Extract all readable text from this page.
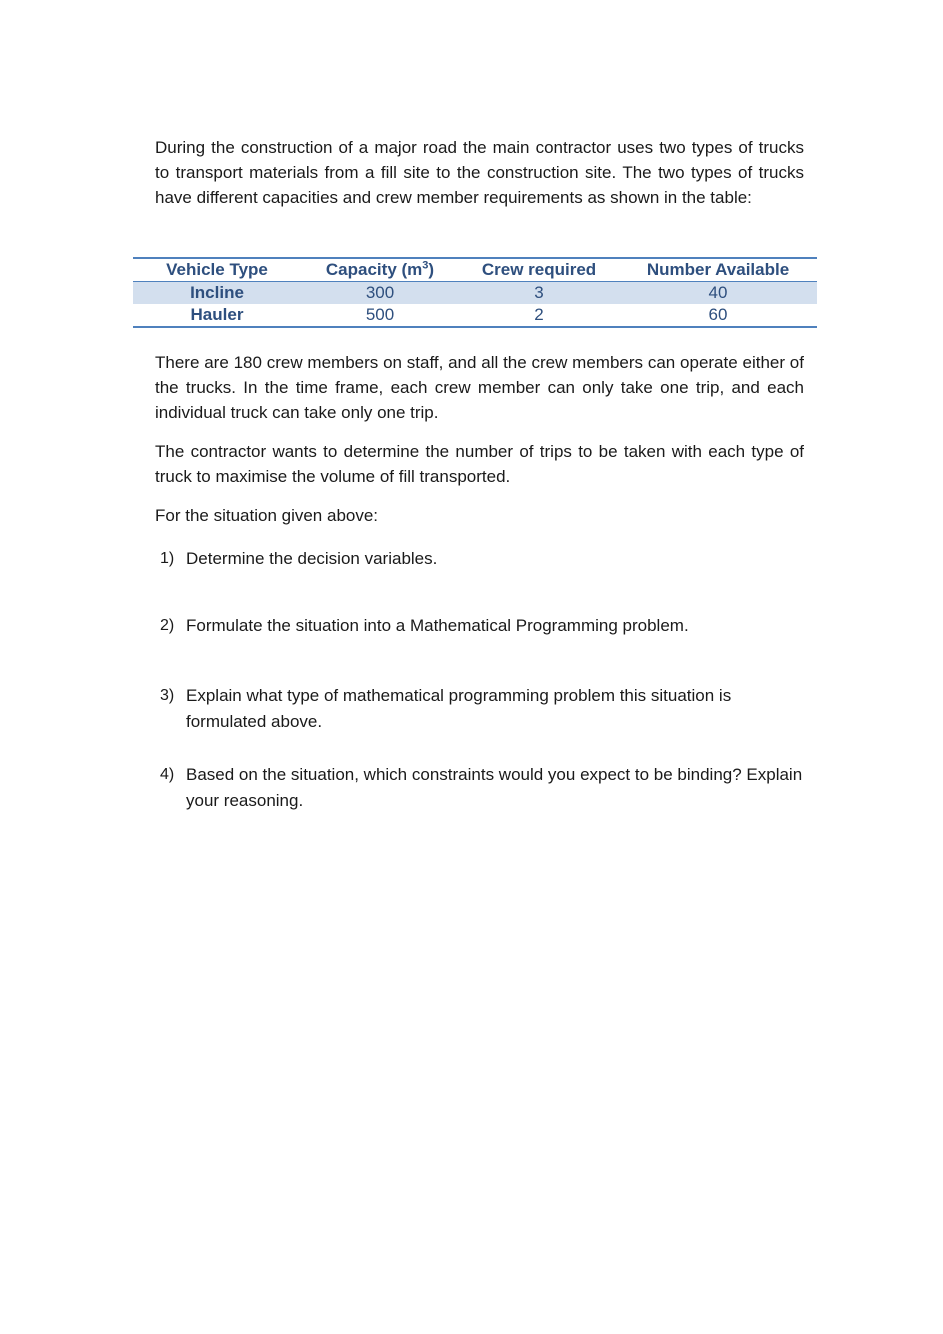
During the construction of a major road the main contractor uses two types of trucks to transport materials from a fill site to the construction site. The two types of trucks have different capacities and crew member requirements as shown in the table:

Vehicle Type	Capacity $(m^3)$	Crew required	Number Available
Incline	300	3	40
Hauler	500	2	60

There are 180 crew members on staff, and all the crew members can operate either of the trucks. In the time frame, each crew member can only take one trip, and each individual truck can take only one trip.

The contractor wants to determine the number of trips to be taken with each type of truck to maximise the volume of fill transported.

For the situation given above:

1) Determine the decision variables.
2) Formulate the situation into a Mathematical Programming problem.
3) Explain what type of mathematical programming problem this situation is formulated above.
4) Based on the situation, which constraints would you expect to be binding? Explain your reasoning.
